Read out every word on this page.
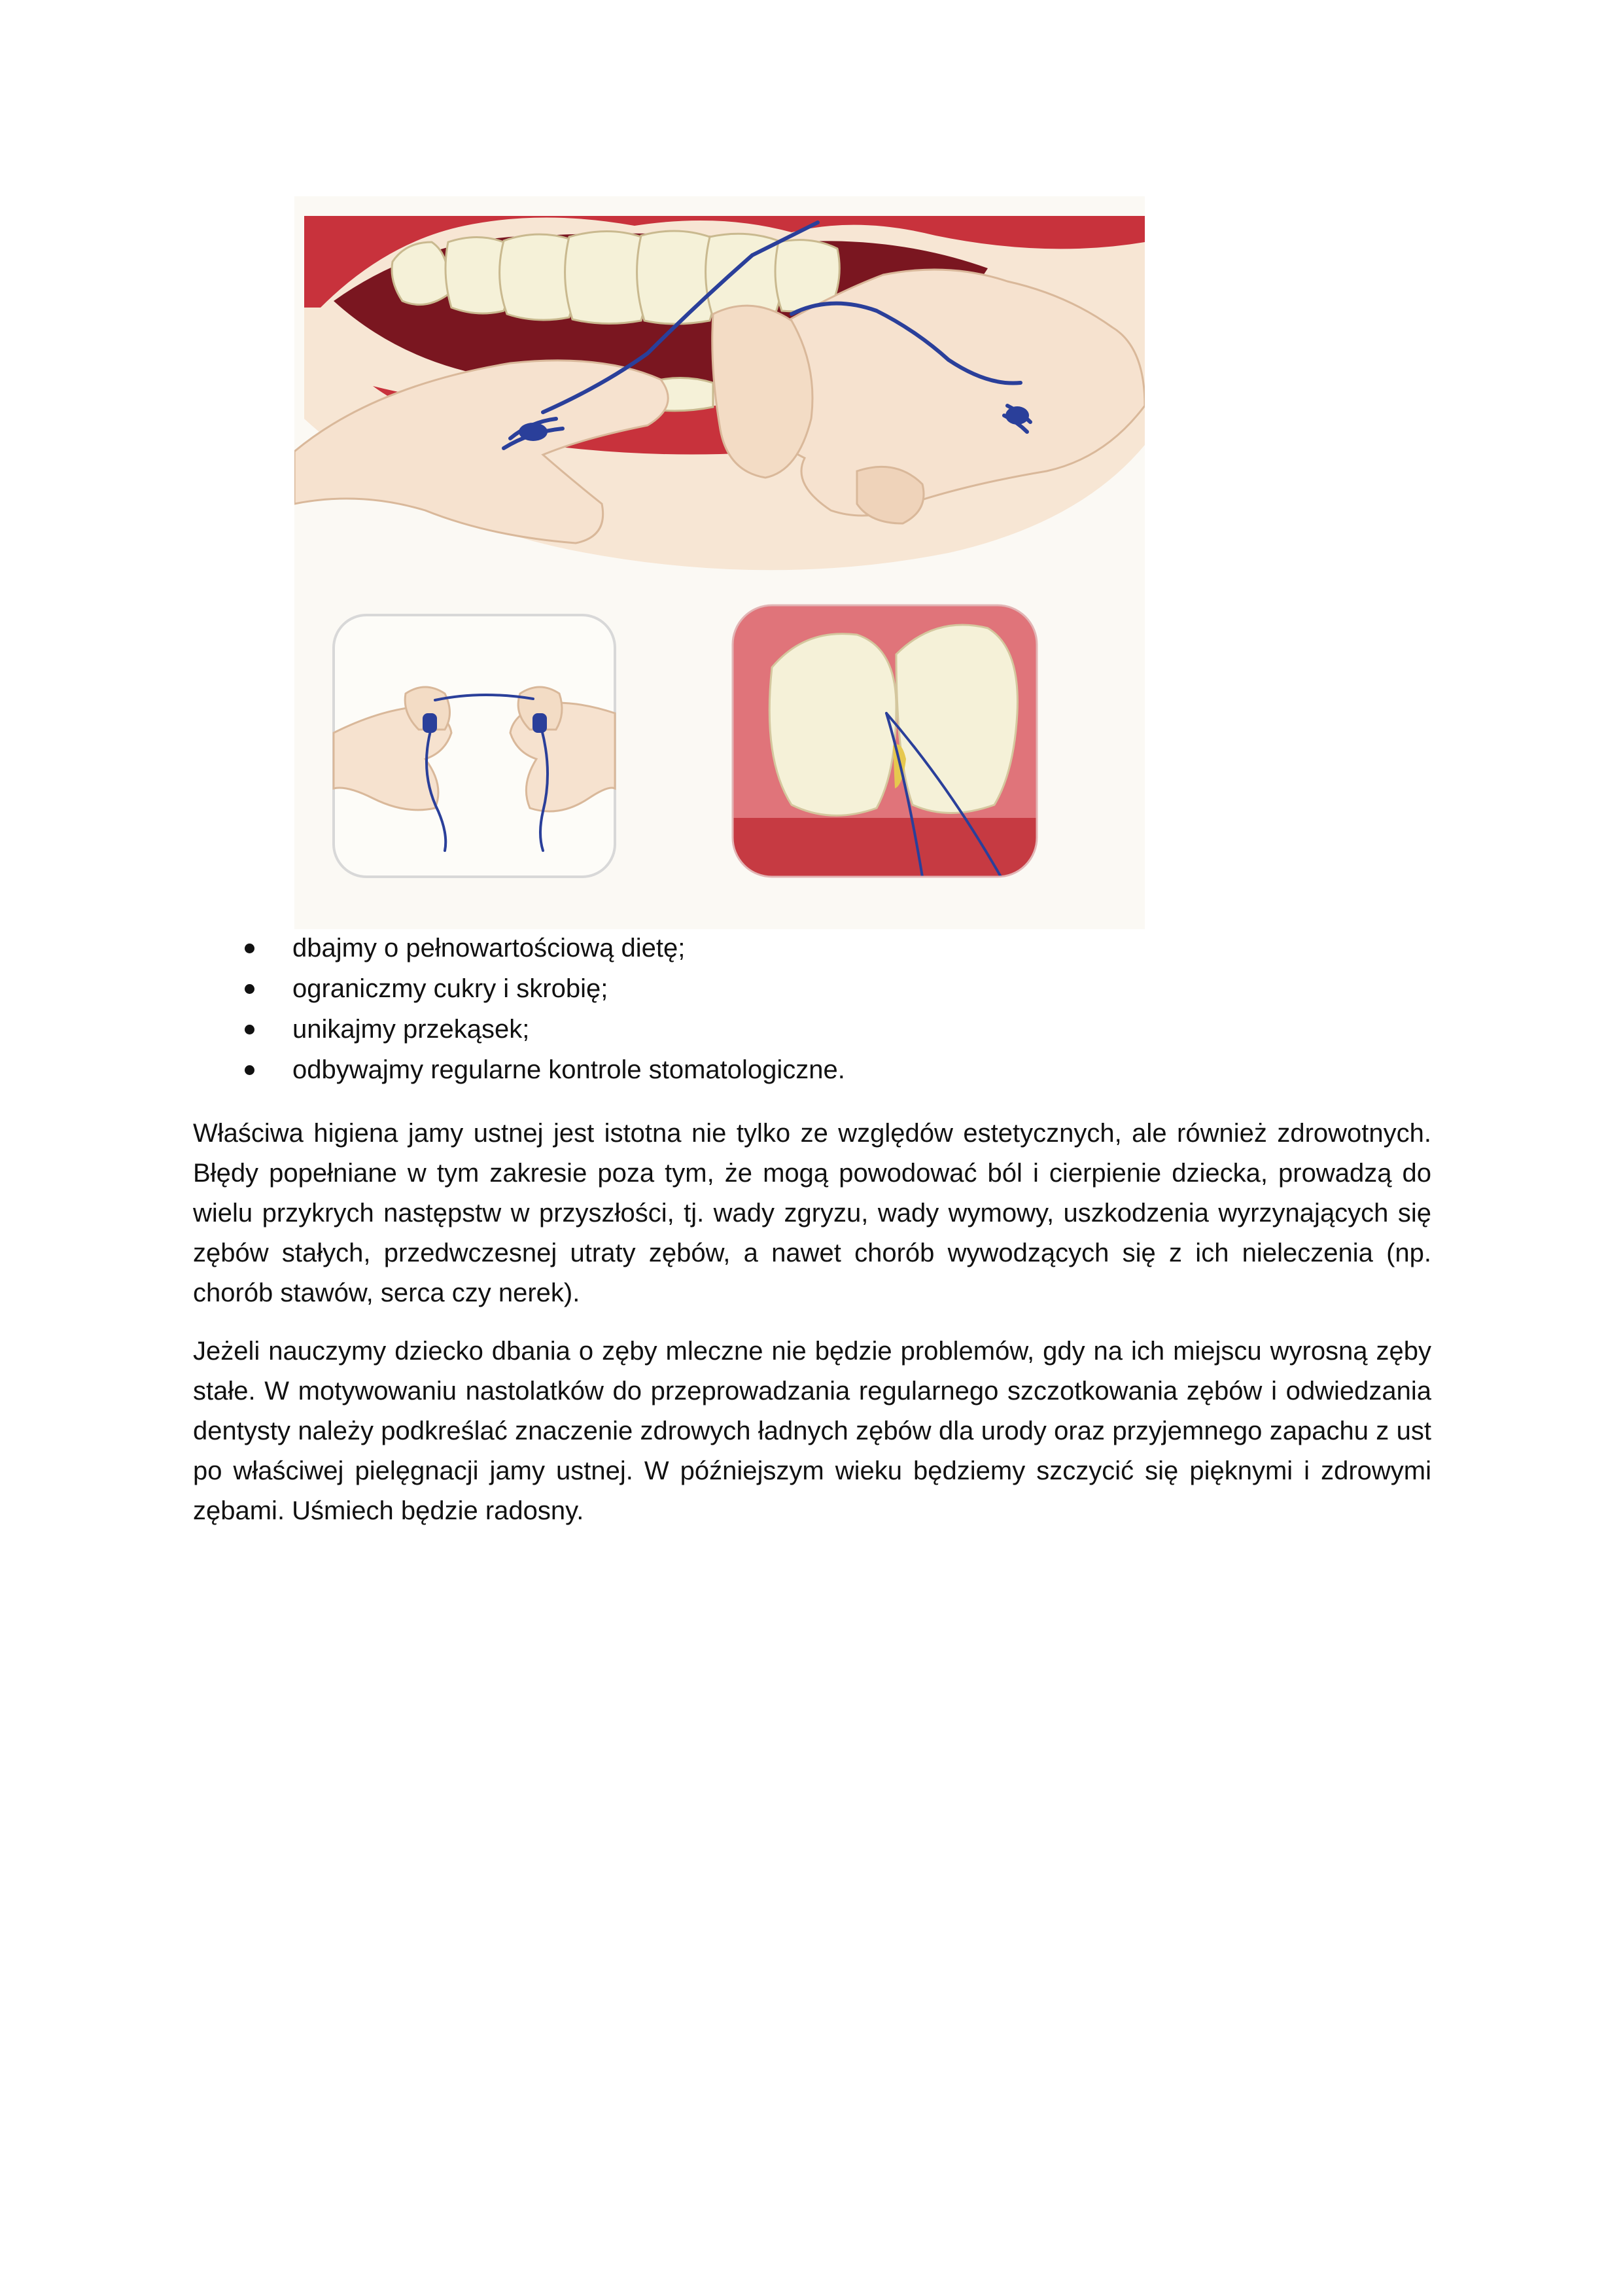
dbajmy o pełnowartościową dietę;
ograniczmy cukry i skrobię;
unikajmy przekąsek;
odbywajmy regularne kontrole stomatologiczne.

Właściwa higiena jamy ustnej jest istotna nie tylko ze względów estetycznych, ale również zdrowotnych. Błędy popełniane w tym zakresie poza tym, że mogą powodować ból i cierpienie dziecka, prowadzą do wielu przykrych następstw w przyszłości, tj. wady zgryzu, wady wymowy, uszkodzenia wyrzynających się zębów stałych, przedwczesnej utraty zębów, a nawet chorób wywodzących się z ich nieleczenia (np. chorób stawów, serca czy nerek).

Jeżeli nauczymy dziecko dbania o zęby mleczne nie będzie problemów, gdy na ich miejscu wyrosną zęby stałe. W motywowaniu nastolatków do przeprowadzania regularnego szczotkowania zębów i odwiedzania dentysty należy podkreślać znaczenie zdrowych ładnych zębów dla urody oraz przyjemnego zapachu z ust po właściwej pielęgnacji jamy ustnej. W późniejszym wieku będziemy szczycić się pięknymi i zdrowymi zębami. Uśmiech będzie radosny.
